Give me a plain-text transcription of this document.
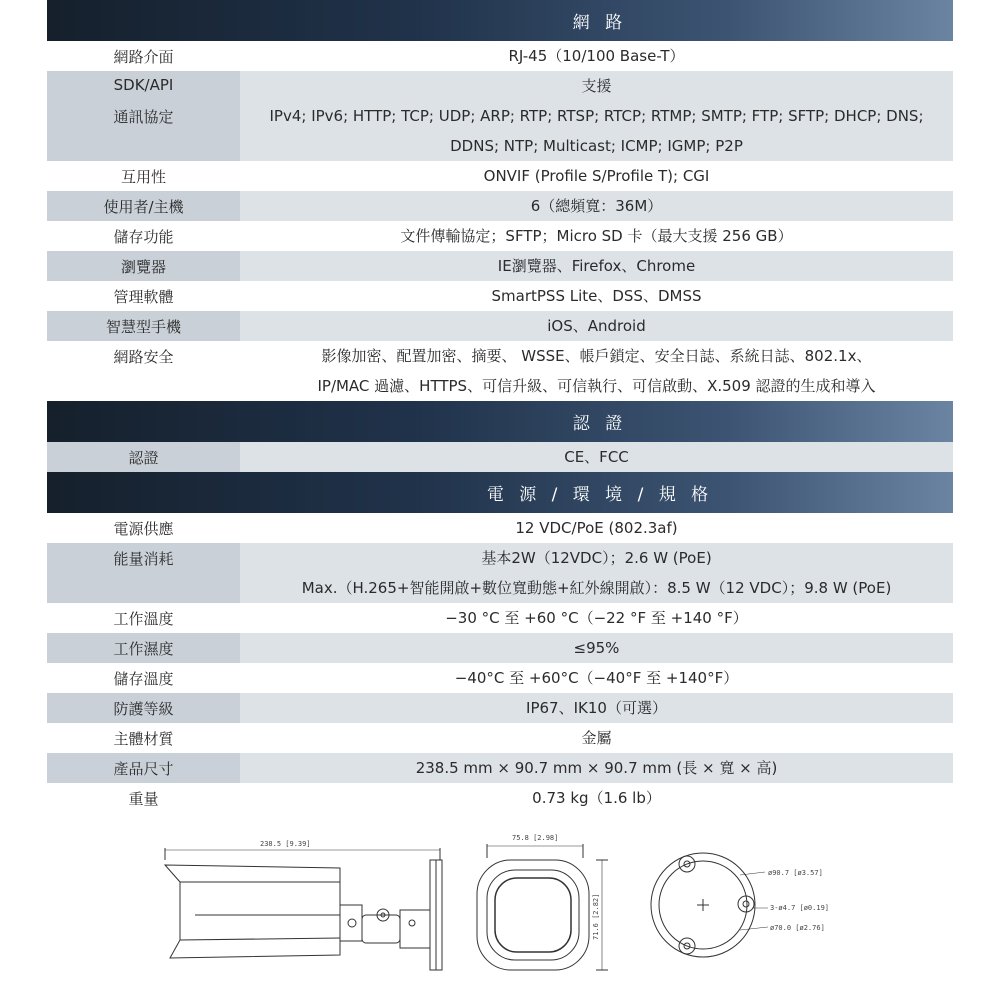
網 路
網路介面	RJ-45（10/100 Base-T）
SDK/API	支援
通訊協定	IPv4; IPv6; HTTP; TCP; UDP; ARP; RTP; RTSP; RTCP; RTMP; SMTP; FTP; SFTP; DHCP; DNS;
DDNS; NTP; Multicast; ICMP; IGMP; P2P
互用性	ONVIF (Profile S/Profile T); CGI
使用者/主機	6（總頻寬：36M）
儲存功能	文件傳輸協定；SFTP；Micro SD 卡（最大支援 256 GB）
瀏覽器	IE瀏覽器、Firefox、Chrome
管理軟體	SmartPSS Lite、DSS、DMSS
智慧型手機	iOS、Android
網路安全	影像加密、配置加密、摘要、 WSSE、帳戶鎖定、安全日誌、系統日誌、802.1x、
IP/MAC 過濾、HTTPS、可信升級、可信執行、可信啟動、X.509 認證的生成和導入
認 證
認證	CE、FCC
電 源 / 環 境 / 規 格
電源供應	12 VDC/PoE (802.3af)
能量消耗	基本2W（12VDC）；2.6 W (PoE)
Max.（H.265+智能開啟+數位寬動態+紅外線開啟）：8.5 W（12 VDC）；9.8 W (PoE)
工作溫度	−30 °C 至 +60 °C（−22 °F 至 +140 °F）
工作濕度	≤95%
儲存溫度	−40°C 至 +60°C（−40°F 至 +140°F）
防護等級	IP67、IK10（可選）
主體材質	金屬
產品尺寸	238.5 mm × 90.7 mm × 90.7 mm (長 × 寬 × 高)
重量	0.73 kg（1.6 lb）
238.5 [9.39]
75.8 [2.98]
71.6 [2.82]
ø90.7 [ø3.57]
3-ø4.7 [ø0.19]
ø70.0 [ø2.76]
